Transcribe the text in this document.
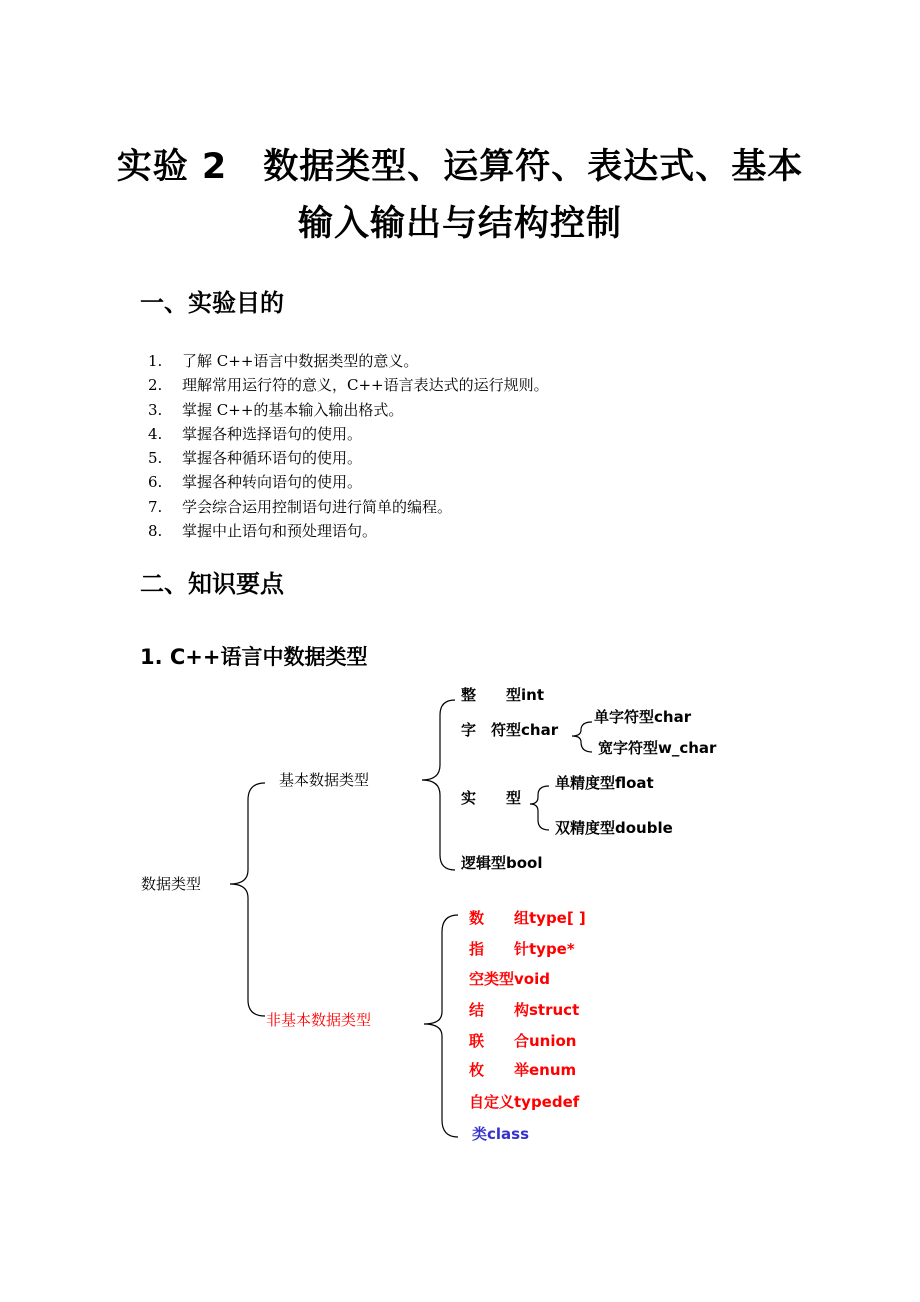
实验 2　数据类型、运算符、表达式、基本
输入输出与结构控制
一、实验目的
1.	了解 C++语言中数据类型的意义。
2.	理解常用运行符的意义，C++语言表达式的运行规则。
3.	掌握 C++的基本输入输出格式。
4.	掌握各种选择语句的使用。
5.	掌握各种循环语句的使用。
6.	掌握各种转向语句的使用。
7.	学会综合运用控制语句进行简单的编程。
8.	掌握中止语句和预处理语句。
二、知识要点
1. C++语言中数据类型
数据类型
基本数据类型
整　　型int
字　符型char
单字符型char
宽字符型w_char
实　　型
单精度型float
双精度型double
逻辑型bool
非基本数据类型
数　　组type[ ]
指　　针type*
空类型void
结　　构struct
联　　合union
枚　　举enum
自定义typedef
类class
